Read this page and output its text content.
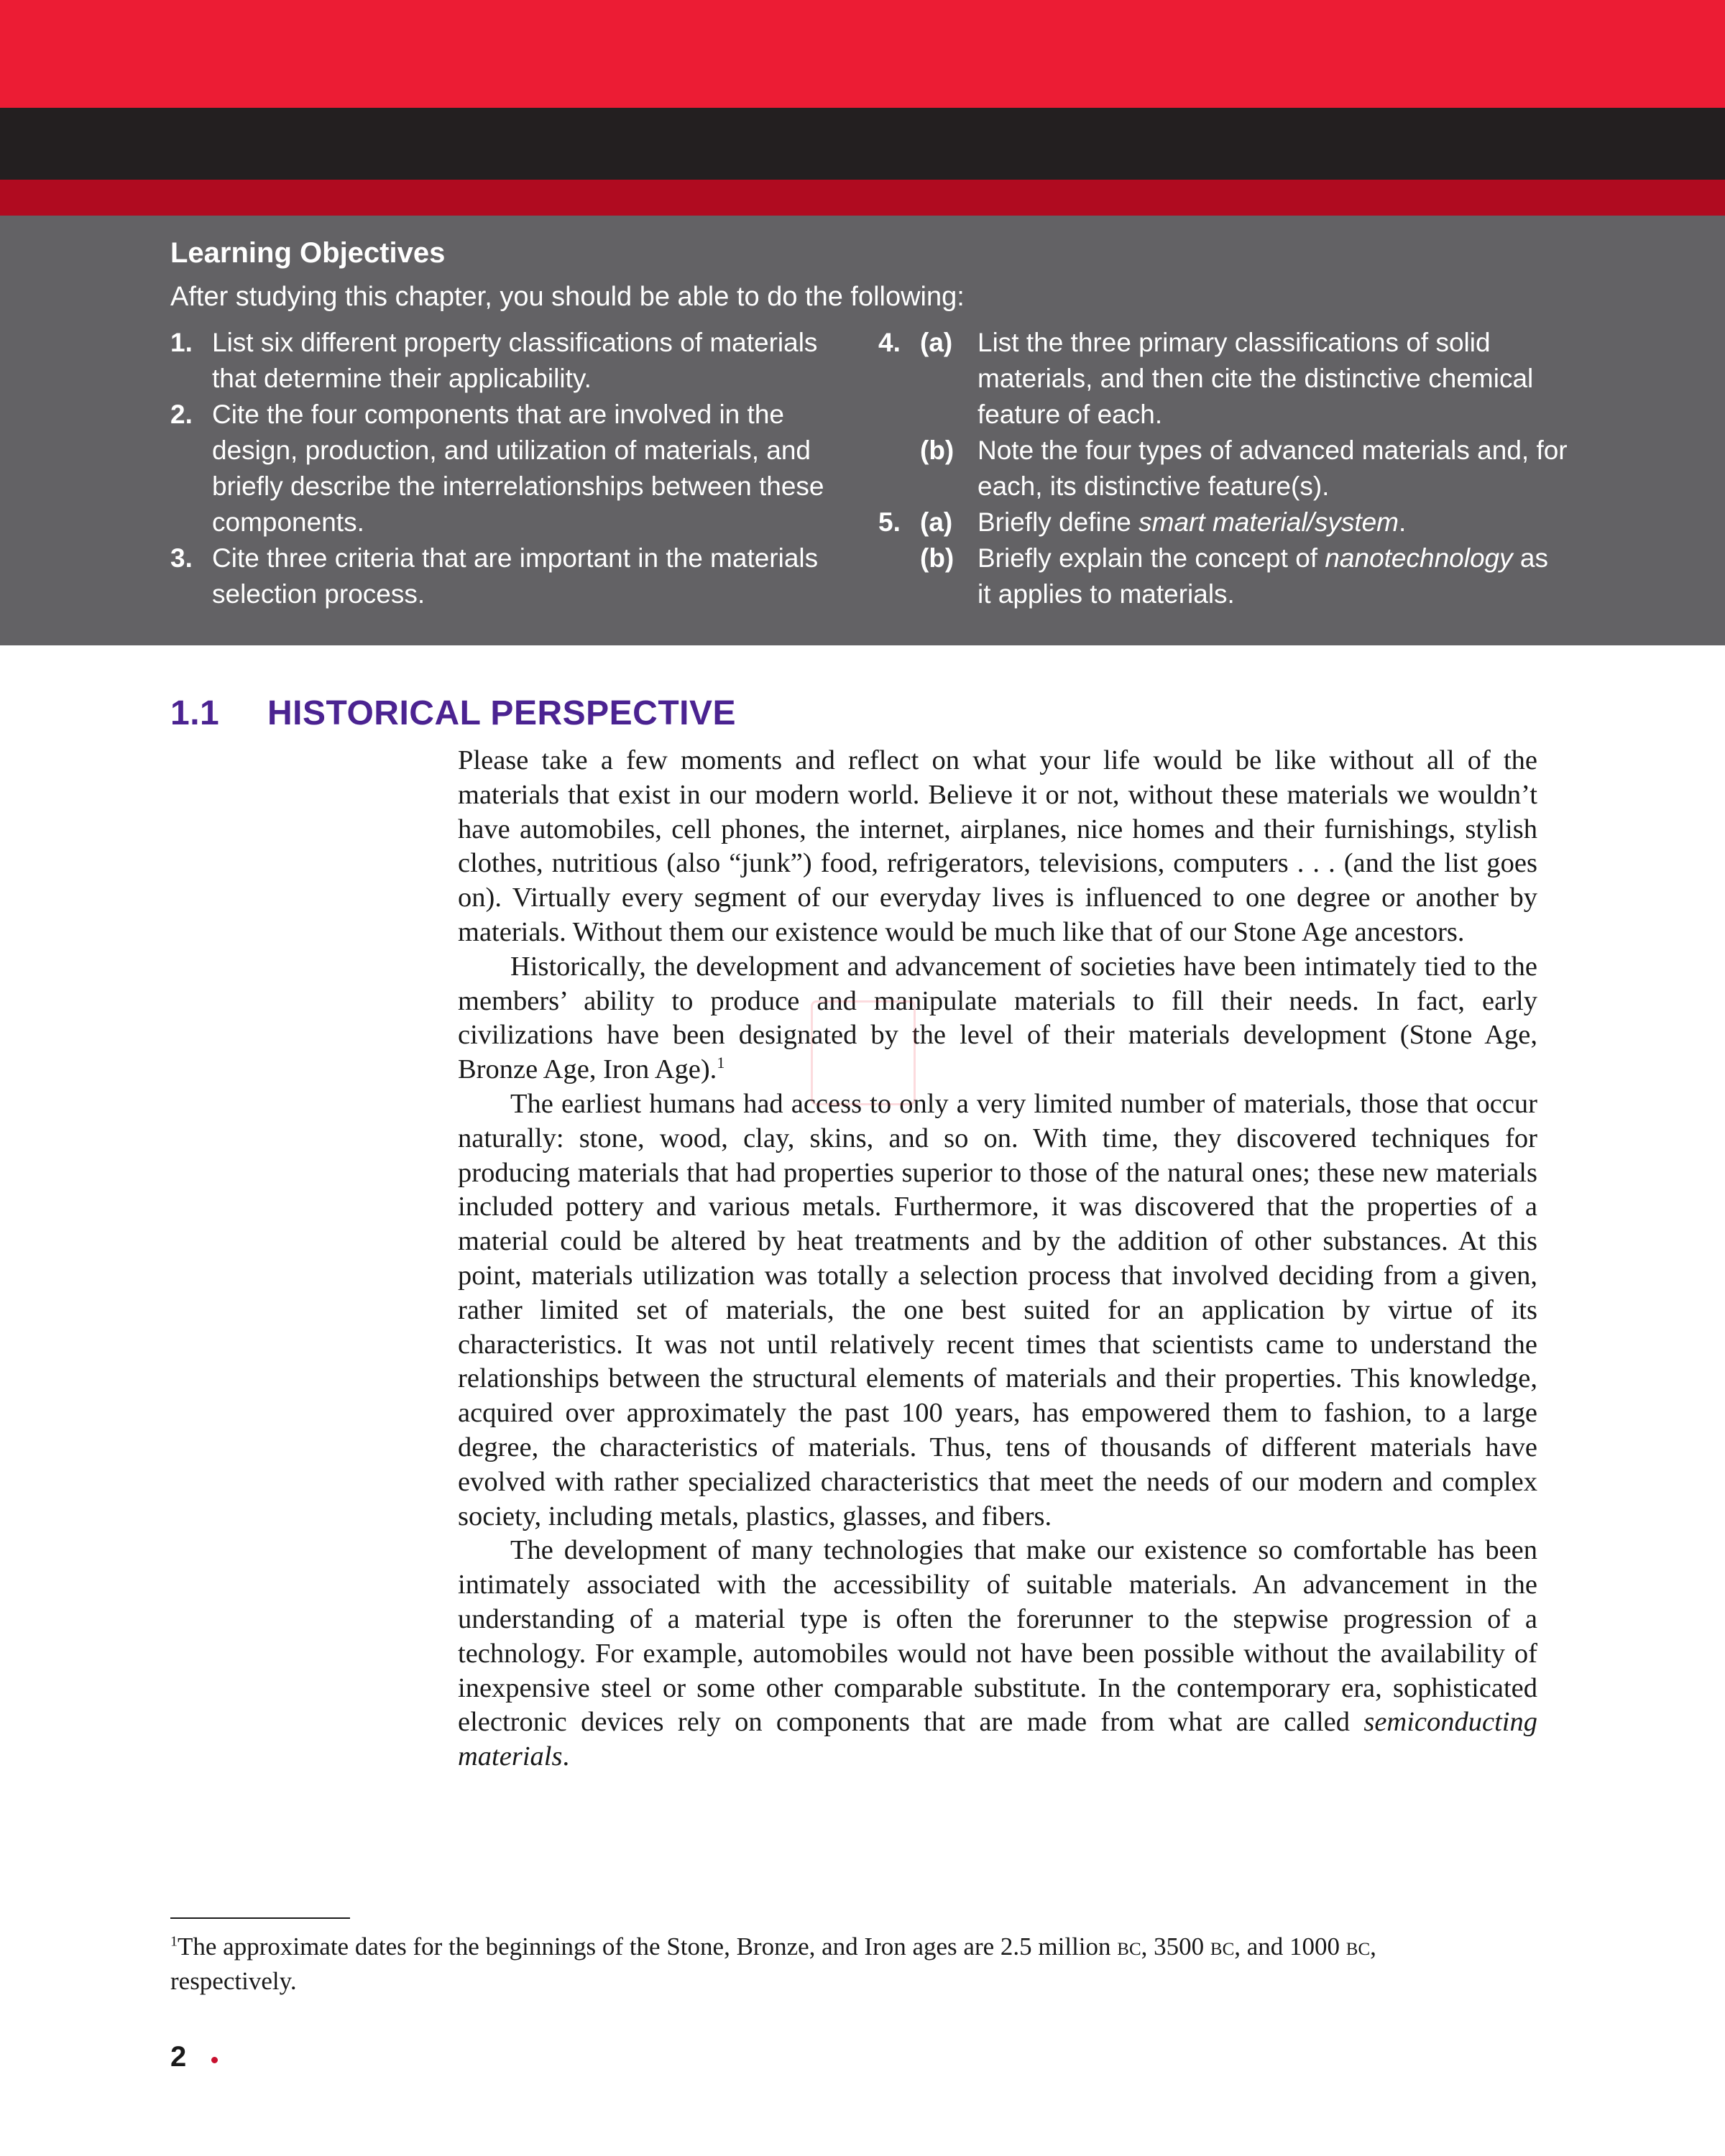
Learning Objectives
After studying this chapter, you should be able to do the following:
1. List six different property classifications of materials that determine their applicability.
2. Cite the four components that are involved in the design, production, and utilization of materials, and briefly describe the interrelationships between these components.
3. Cite three criteria that are important in the materials selection process.
4. (a) List the three primary classifications of solid materials, and then cite the distinctive chemical feature of each.
(b) Note the four types of advanced materials and, for each, its distinctive feature(s).
5. (a) Briefly define smart material/system.
(b) Briefly explain the concept of nanotechnology as it applies to materials.
1.1 HISTORICAL PERSPECTIVE

Please take a few moments and reflect on what your life would be like without all of the materials that exist in our modern world. Believe it or not, without these materials we wouldn’t have automobiles, cell phones, the internet, airplanes, nice homes and their furnishings, stylish clothes, nutritious (also “junk”) food, refrigerators, televisions, computers . . . (and the list goes on). Virtually every segment of our everyday lives is influenced to one degree or another by materials. Without them our existence would be much like that of our Stone Age ancestors.

Historically, the development and advancement of societies have been intimately tied to the members’ ability to produce and manipulate materials to fill their needs. In fact, early civilizations have been designated by the level of their materials development (Stone Age, Bronze Age, Iron Age).$^1$

The earliest humans had access to only a very limited number of materials, those that occur naturally: stone, wood, clay, skins, and so on. With time, they discovered techniques for producing materials that had properties superior to those of the natural ones; these new materials included pottery and various metals. Furthermore, it was discovered that the properties of a material could be altered by heat treatments and by the addition of other substances. At this point, materials utilization was totally a selection process that involved deciding from a given, rather limited set of materials, the one best suited for an application by virtue of its characteristics. It was not until relatively recent times that scientists came to understand the relationships between the structural elements of materials and their properties. This knowledge, acquired over approximately the past 100 years, has empowered them to fashion, to a large degree, the characteristics of materials. Thus, tens of thousands of different materials have evolved with rather specialized characteristics that meet the needs of our modern and complex society, including metals, plastics, glasses, and fibers.

The development of many technologies that make our existence so comfortable has been intimately associated with the accessibility of suitable materials. An advancement in the understanding of a material type is often the forerunner to the stepwise progression of a technology. For example, automobiles would not have been possible without the availability of inexpensive steel or some other comparable substitute. In the contemporary era, sophisticated electronic devices rely on components that are made from what are called semiconducting materials.

$^1$The approximate dates for the beginnings of the Stone, Bronze, and Iron ages are 2.5 million bc, 3500 bc, and 1000 bc, respectively.
2
